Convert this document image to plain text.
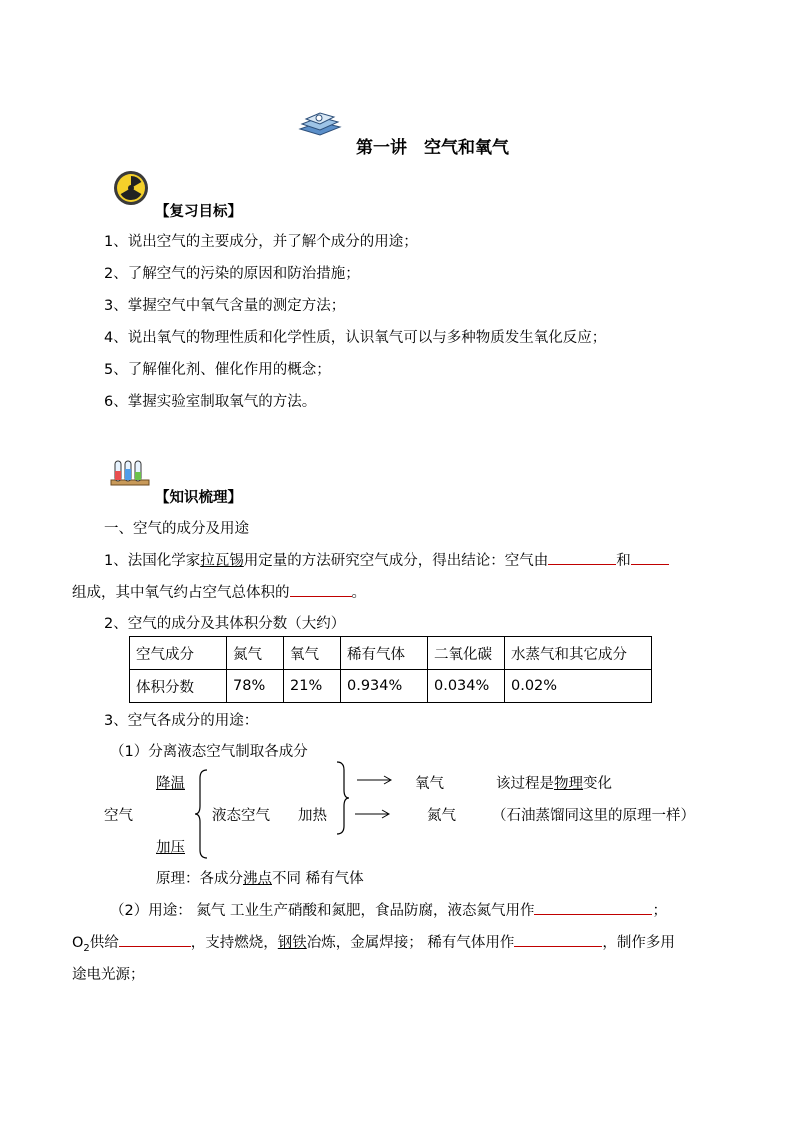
第一讲　空气和氧气
【复习目标】
1、说出空气的主要成分，并了解个成分的用途；
2、了解空气的污染的原因和防治措施；
3、掌握空气中氧气含量的测定方法；
4、说出氧气的物理性质和化学性质，认识氧气可以与多种物质发生氧化反应；
5、了解催化剂、催化作用的概念；
6、掌握实验室制取氧气的方法。
【知识梳理】
一、空气的成分及用途
1、法国化学家拉瓦锡用定量的方法研究空气成分，得出结论：空气由	和
组成，其中氧气约占空气总体积的	。
2、空气的成分及其体积分数（大约）
空气成分	氮气	氧气	稀有气体	二氧化碳	水蒸气和其它成分
体积分数	78%	21%	0.934%	0.034%	0.02%
3、空气各成分的用途：
（1）分离液态空气制取各成分
降温
空气
加压
液态空气 加热
氧气	该过程是物理变化
氮气 （石油蒸馏同这里的原理一样）
原理：各成分沸点不同 稀有气体
（2）用途： 氮气 工业生产硝酸和氮肥，食品防腐，液态氮气用作	；
$O_2$供给	，支持燃烧，钢铁冶炼，金属焊接； 稀有气体用作	，制作多用
途电光源；
